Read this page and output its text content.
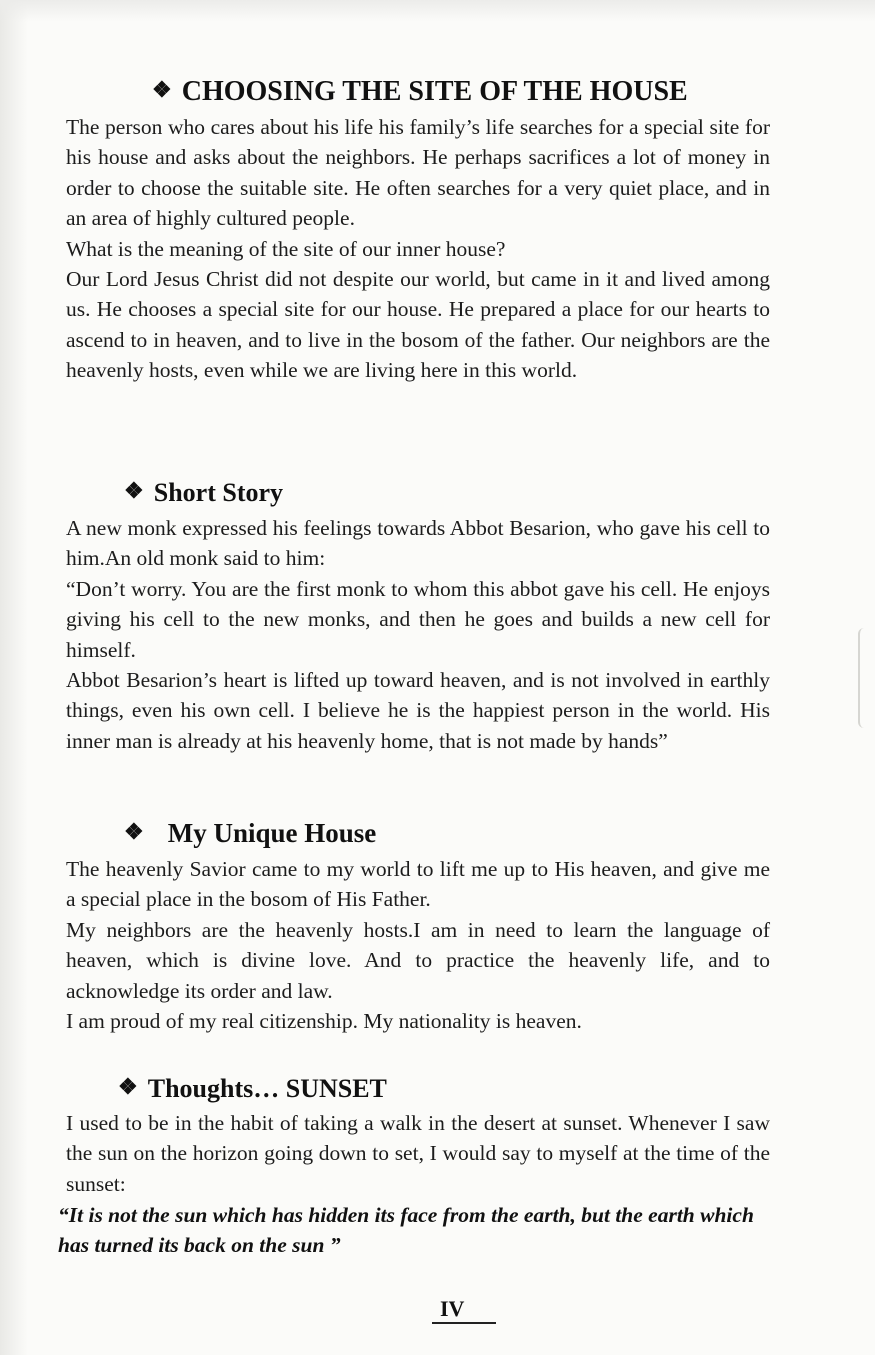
❖ CHOOSING THE SITE OF THE HOUSE

The person who cares about his life his family’s life searches for a special site for his house and asks about the neighbors. He perhaps sacrifices a lot of money in order to choose the suitable site. He often searches for a very quiet place, and in an area of highly cultured people.

What is the meaning of the site of our inner house?

Our Lord Jesus Christ did not despite our world, but came in it and lived among us. He chooses a special site for our house. He prepared a place for our hearts to ascend to in heaven, and to live in the bosom of the father. Our neighbors are the heavenly hosts, even while we are living here in this world.

❖ Short Story

A new monk expressed his feelings towards Abbot Besarion, who gave his cell to him.An old monk said to him:

“Don’t worry. You are the first monk to whom this abbot gave his cell. He enjoys giving his cell to the new monks, and then he goes and builds a new cell for himself.

Abbot Besarion’s heart is lifted up toward heaven, and is not involved in earthly things, even his own cell. I believe he is the happiest person in the world. His inner man is already at his heavenly home, that is not made by hands”

❖ My Unique House

The heavenly Savior came to my world to lift me up to His heaven, and give me a special place in the bosom of His Father.

My neighbors are the heavenly hosts.I am in need to learn the language of heaven, which is divine love. And to practice the heavenly life, and to acknowledge its order and law.

I am proud of my real citizenship. My nationality is heaven.

❖ Thoughts… SUNSET

I used to be in the habit of taking a walk in the desert at sunset. Whenever I saw the sun on the horizon going down to set, I would say to myself at the time of the sunset:

“It is not the sun which has hidden its face from the earth, but the earth which has turned its back on the sun ”

IV
